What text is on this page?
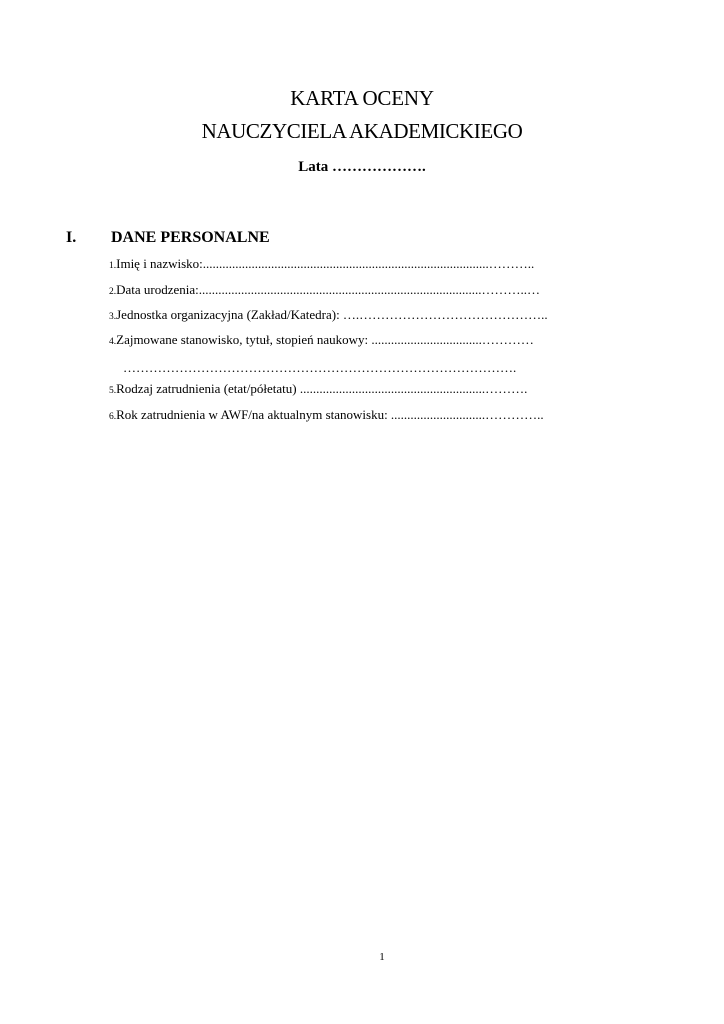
KARTA OCENY
NAUCZYCIELA AKADEMICKIEGO
Lata ……………….
I. DANE PERSONALNE
1.Imię i nazwisko:........................................................................................………..
2.Data urodzenia:.......................................................................................………..…
3.Jednostka organizacyjna (Zakład/Katedra): ….……………………………………..
4.Zajmowane stanowisko, tytuł, stopień naukowy: ..................................…………
……………………………………………………………………………….
5.Rodzaj zatrudnienia (etat/półetatu) .........................................................……….
6.Rok zatrudnienia w AWF/na aktualnym stanowisku: .............................…………..
1
